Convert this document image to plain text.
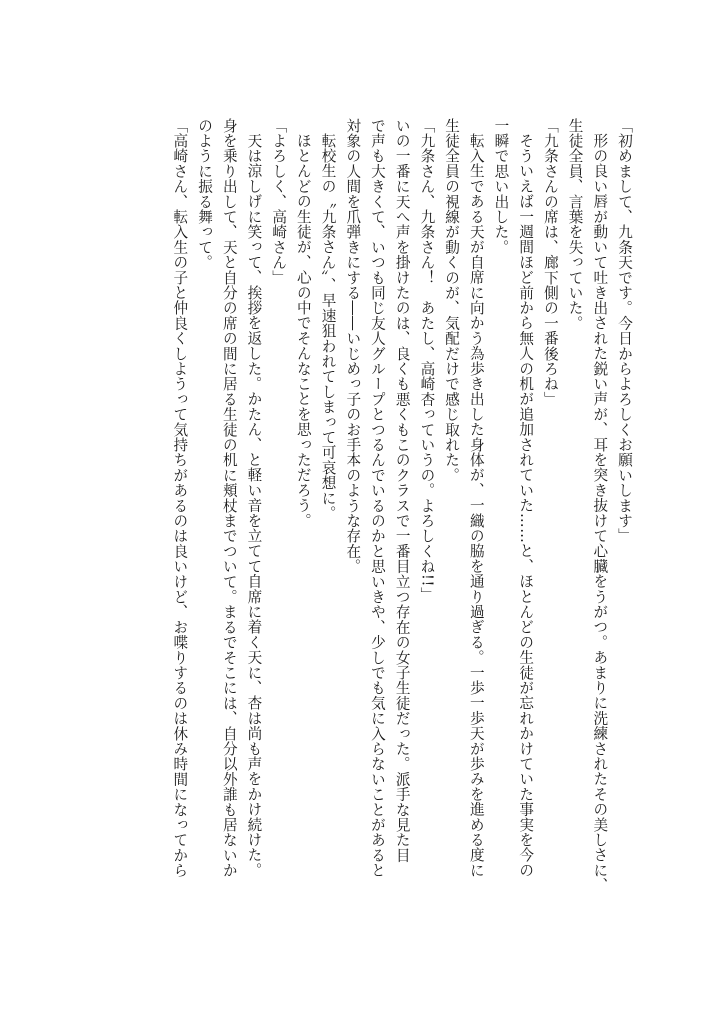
「初めまして、九条天です。今日からよろしくお願いします」

形の良い唇が動いて吐き出された鋭い声が、耳を突き抜けて心臓をうがつ。あまりに洗練されたその美しさに、

生徒全員、言葉を失っていた。

「九条さんの席は、廊下側の一番後ろね」

そういえば一週間ほど前から無人の机が追加されていた……と、ほとんどの生徒が忘れかけていた事実を今の

一瞬で思い出した。

転入生である天が自席に向かう為歩き出した身体が、一織の脇を通り過ぎる。一歩一歩天が歩みを進める度に

生徒全員の視線が動くのが、気配だけで感じ取れた。

「九条さん、九条さん！　あたし、高崎杏っていうの。よろしくね!!」

いの一番に天へ声を掛けたのは、良くも悪くもこのクラスで一番目立つ存在の女子生徒だった。派手な見た目

で声も大きくて、いつも同じ友人グループとつるんでいるのかと思いきや、少しでも気に入らないことがあると

対象の人間を爪弾きにする――いじめっ子のお手本のような存在。

転校生の〝九条さん〟、早速狙われてしまって可哀想に。

ほとんどの生徒が、心の中でそんなことを思っただろう。

「よろしく、高崎さん」

天は涼しげに笑って、挨拶を返した。かたん、と軽い音を立てて自席に着く天に、杏は尚も声をかけ続けた。

身を乗り出して、天と自分の席の間に居る生徒の机に頬杖までついて。まるでそこには、自分以外誰も居ないか

のように振る舞って。

「高崎さん、転入生の子と仲良くしようって気持ちがあるのは良いけど、お喋りするのは休み時間になってから
